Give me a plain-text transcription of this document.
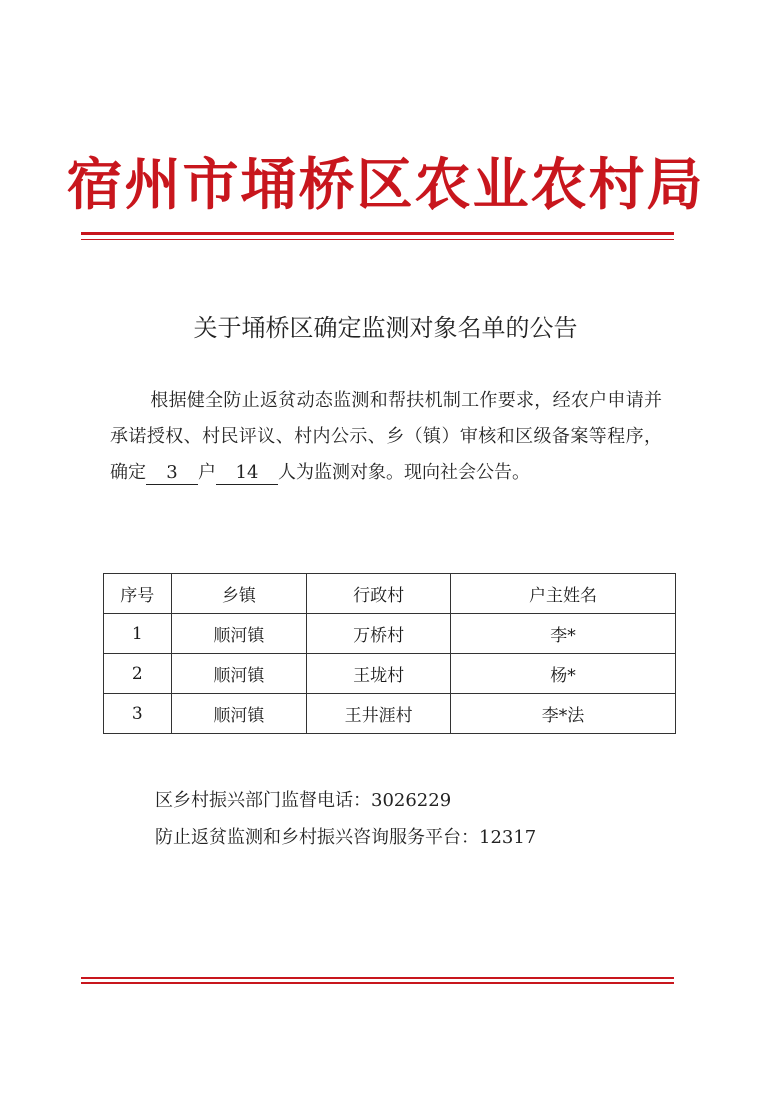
宿州市埇桥区农业农村局
关于埇桥区确定监测对象名单的公告
根据健全防止返贫动态监测和帮扶机制工作要求，经农户申请并承诺授权、村民评议、村内公示、乡（镇）审核和区级备案等程序，确定 3 户 14 人为监测对象。现向社会公告。
序号	乡镇	行政村	户主姓名
1	顺河镇	万桥村	李*
2	顺河镇	王垅村	杨*
3	顺河镇	王井涯村	李*法
区乡村振兴部门监督电话：3026229
防止返贫监测和乡村振兴咨询服务平台：12317
